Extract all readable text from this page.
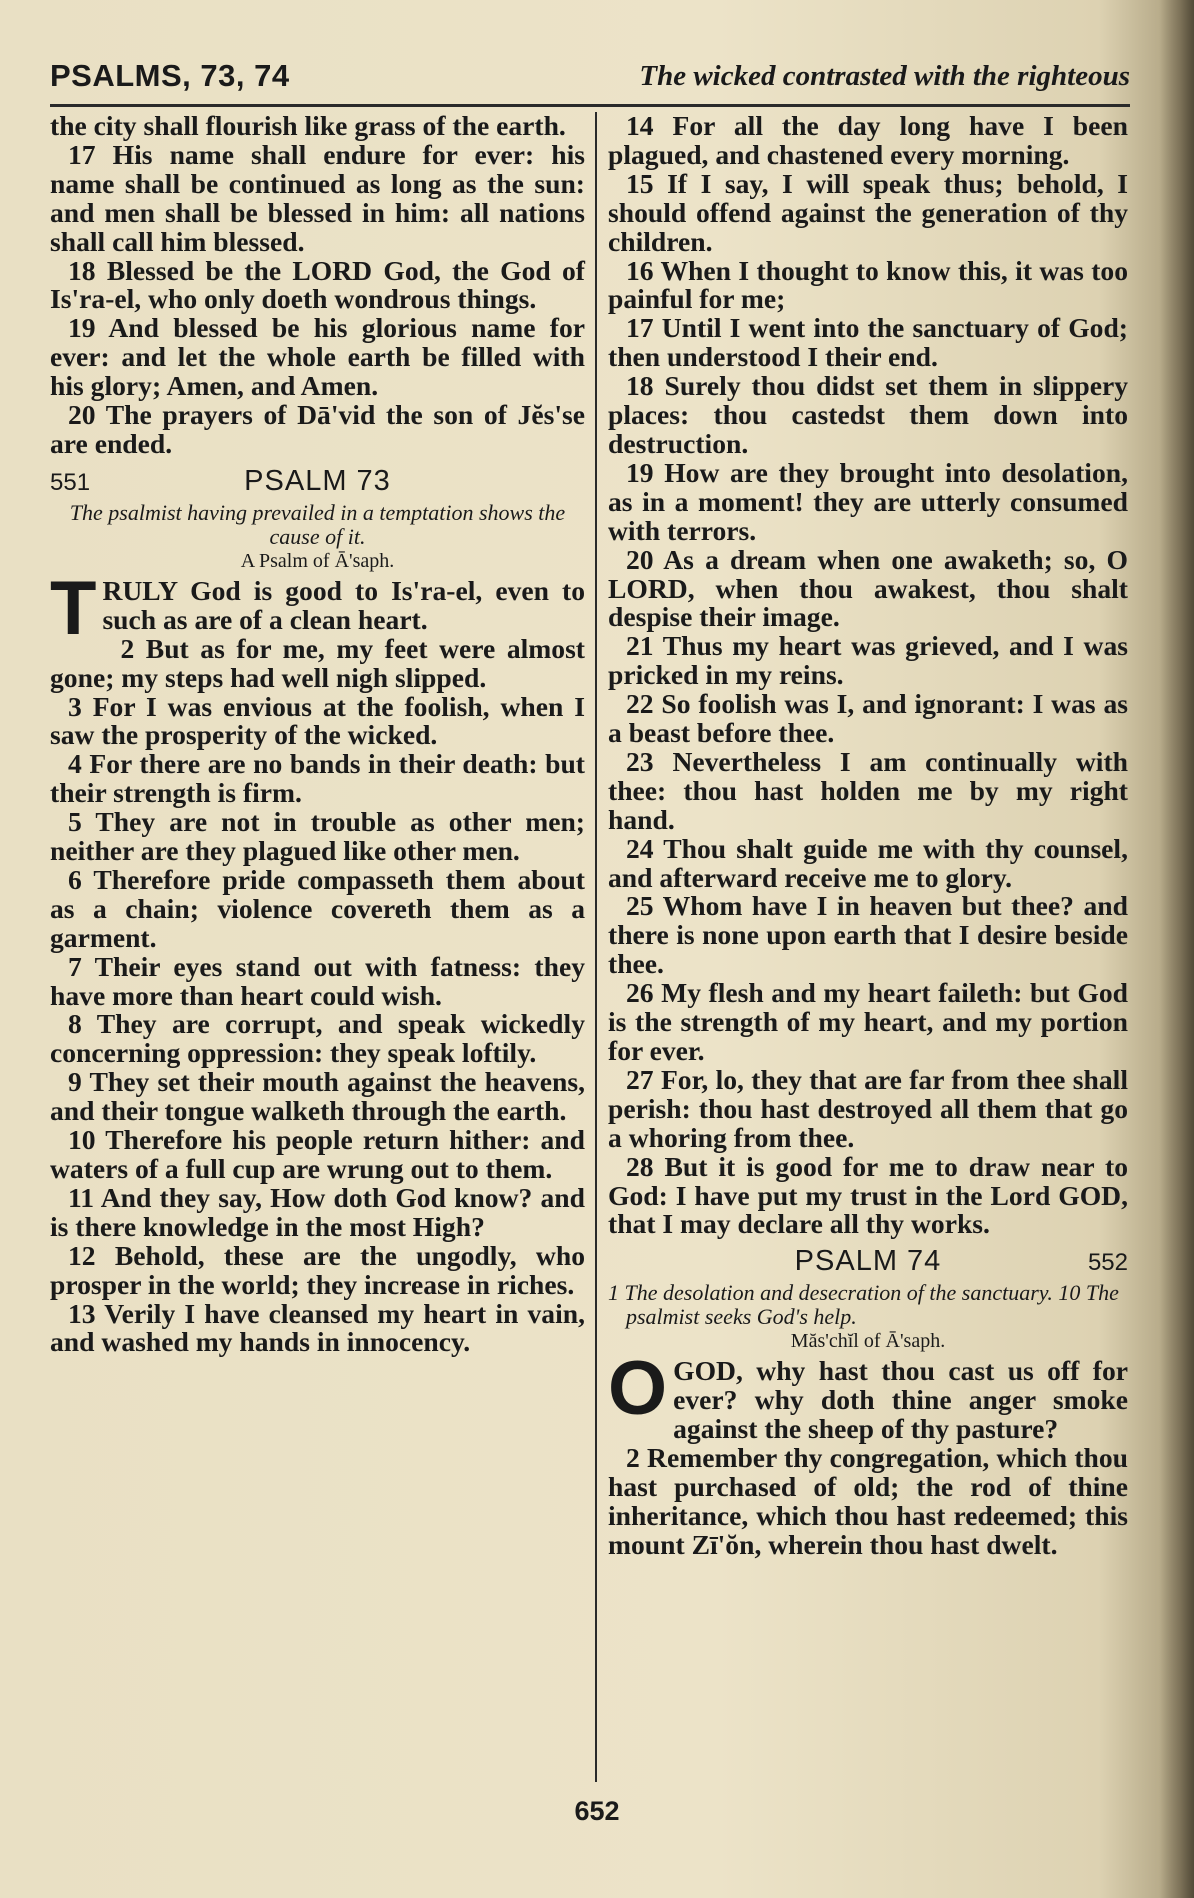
PSALMS, 73, 74	The wicked contrasted with the righteous

the city shall flourish like grass of the earth.

17 His name shall endure for ever: his name shall be continued as long as the sun: and men shall be blessed in him: all nations shall call him blessed.

18 Blessed be the LORD God, the God of Is'ra-el, who only doeth wondrous things.

19 And blessed be his glorious name for ever: and let the whole earth be filled with his glory; Amen, and Amen.

20 The prayers of Dā'vid the son of Jĕs'se are ended.

551	PSALM 73

The psalmist having prevailed in a temptation shows the cause of it.

A Psalm of Ā'saph.

T RULY God is good to Is'ra-el, even to such as are of a clean heart.

2 But as for me, my feet were almost gone; my steps had well nigh slipped.

3 For I was envious at the foolish, when I saw the prosperity of the wicked.

4 For there are no bands in their death: but their strength is firm.

5 They are not in trouble as other men; neither are they plagued like other men.

6 Therefore pride compasseth them about as a chain; violence covereth them as a garment.

7 Their eyes stand out with fatness: they have more than heart could wish.

8 They are corrupt, and speak wickedly concerning oppression: they speak loftily.

9 They set their mouth against the heavens, and their tongue walketh through the earth.

10 Therefore his people return hither: and waters of a full cup are wrung out to them.

11 And they say, How doth God know? and is there knowledge in the most High?

12 Behold, these are the ungodly, who prosper in the world; they increase in riches.

13 Verily I have cleansed my heart in vain, and washed my hands in innocency.

14 For all the day long have I been plagued, and chastened every morning.

15 If I say, I will speak thus; behold, I should offend against the generation of thy children.

16 When I thought to know this, it was too painful for me;

17 Until I went into the sanctuary of God; then understood I their end.

18 Surely thou didst set them in slippery places: thou castedst them down into destruction.

19 How are they brought into desolation, as in a moment! they are utterly consumed with terrors.

20 As a dream when one awaketh; so, O LORD, when thou awakest, thou shalt despise their image.

21 Thus my heart was grieved, and I was pricked in my reins.

22 So foolish was I, and ignorant: I was as a beast before thee.

23 Nevertheless I am continually with thee: thou hast holden me by my right hand.

24 Thou shalt guide me with thy counsel, and afterward receive me to glory.

25 Whom have I in heaven but thee? and there is none upon earth that I desire beside thee.

26 My flesh and my heart faileth: but God is the strength of my heart, and my portion for ever.

27 For, lo, they that are far from thee shall perish: thou hast destroyed all them that go a whoring from thee.

28 But it is good for me to draw near to God: I have put my trust in the Lord GOD, that I may declare all thy works.

PSALM 74	552

1 The desolation and desecration of the sanctuary. 10 The psalmist seeks God's help.

Măs'chĭl of Ā'saph.

O GOD, why hast thou cast us off for ever? why doth thine anger smoke against the sheep of thy pasture?

2 Remember thy congregation, which thou hast purchased of old; the rod of thine inheritance, which thou hast redeemed; this mount Zī'ŏn, wherein thou hast dwelt.

652
